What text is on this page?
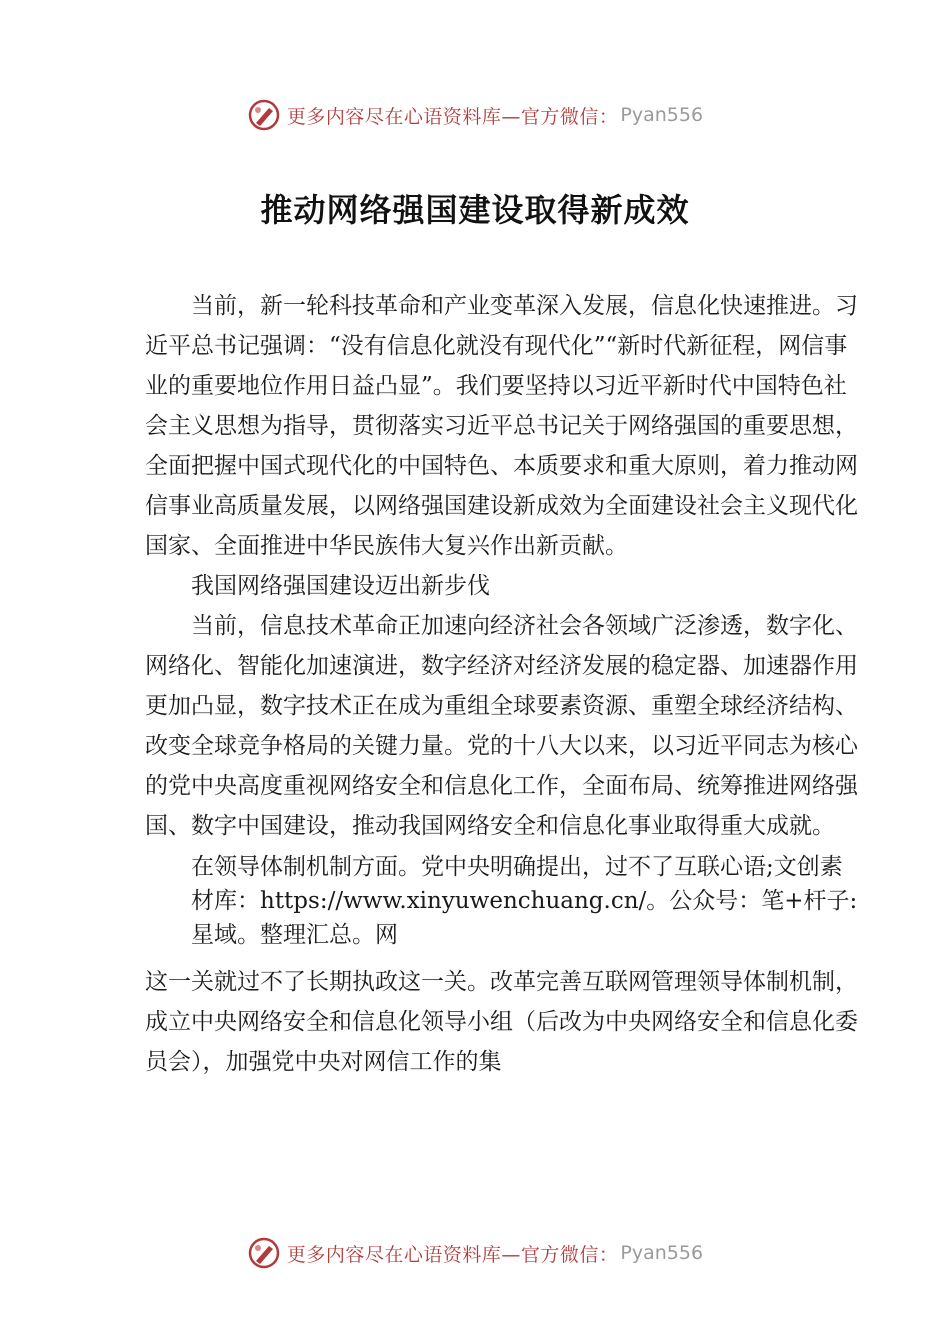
更多内容尽在心语资料库—官方微信： Pyan556
推动网络强国建设取得新成效

当前，新一轮科技革命和产业变革深入发展，信息化快速推进。习近平总书记强调：“没有信息化就没有现代化”“新时代新征程，网信事业的重要地位作用日益凸显”。我们要坚持以习近平新时代中国特色社会主义思想为指导，贯彻落实习近平总书记关于网络强国的重要思想，全面把握中国式现代化的中国特色、本质要求和重大原则，着力推动网信事业高质量发展，以网络强国建设新成效为全面建设社会主义现代化国家、全面推进中华民族伟大复兴作出新贡献。

我国网络强国建设迈出新步伐

当前，信息技术革命正加速向经济社会各领域广泛渗透，数字化、网络化、智能化加速演进，数字经济对经济发展的稳定器、加速器作用更加凸显，数字技术正在成为重组全球要素资源、重塑全球经济结构、改变全球竞争格局的关键力量。党的十八大以来，以习近平同志为核心的党中央高度重视网络安全和信息化工作，全面布局、统筹推进网络强国、数字中国建设，推动我国网络安全和信息化事业取得重大成就。

在领导体制机制方面。党中央明确提出，过不了互联心语;文创素材库：https://www.xinyuwenchuang.cn/。公众号：笔+杆子:星域。整理汇总。网

这一关就过不了长期执政这一关。改革完善互联网管理领导体制机制，成立中央网络安全和信息化领导小组（后改为中央网络安全和信息化委员会），加强党中央对网信工作的集

更多内容尽在心语资料库—官方微信： Pyan556
